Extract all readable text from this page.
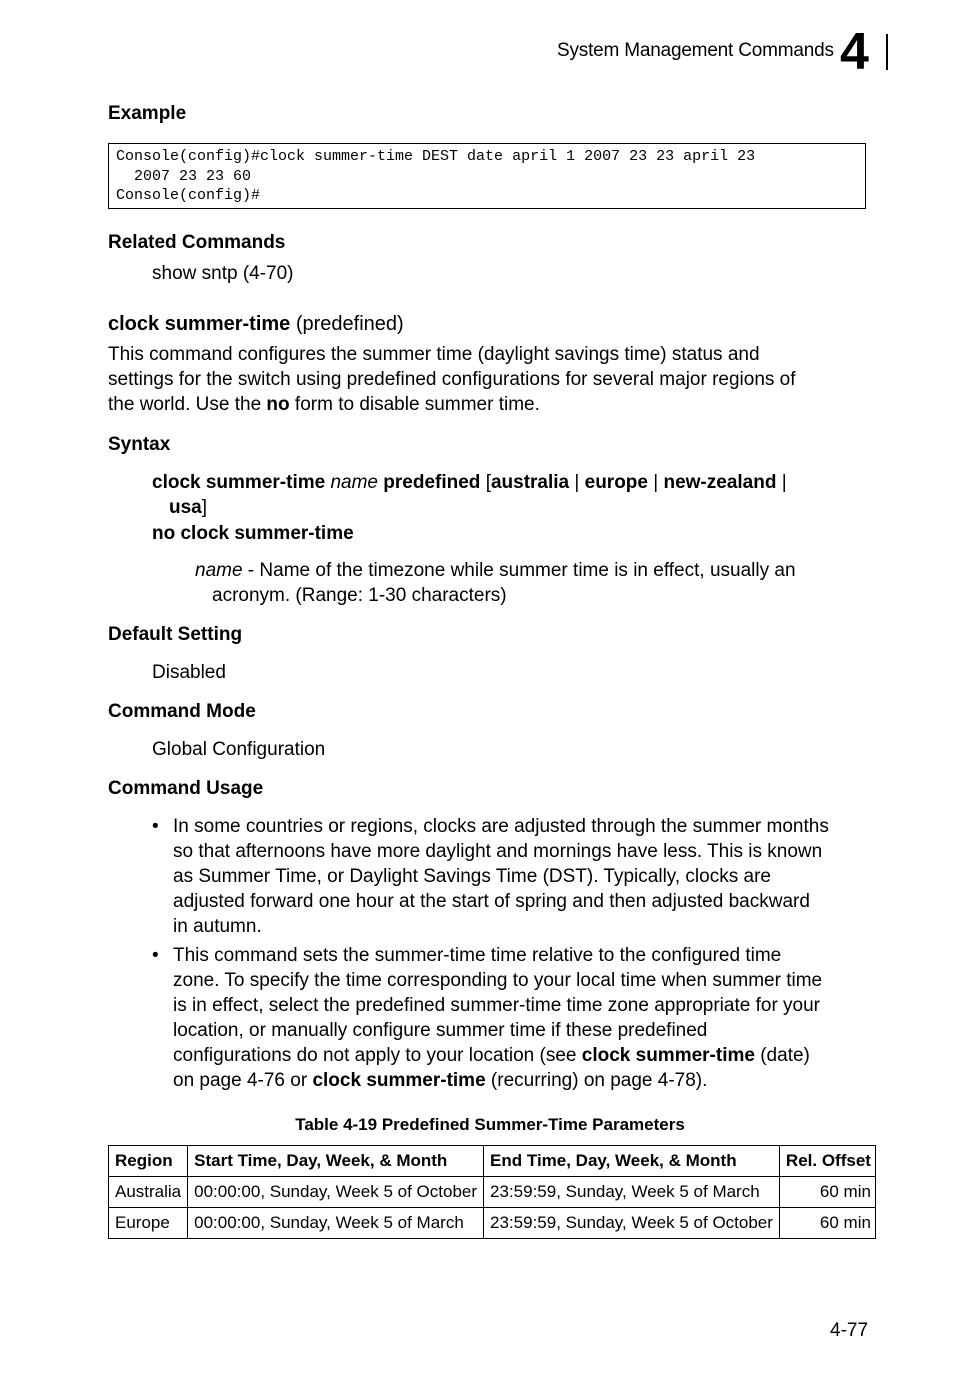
System Management Commands 4
Example
Console(config)#clock summer-time DEST date april 1 2007 23 23 april 23
2007 23 23 60
Console(config)#
Related Commands
show sntp (4-70)
clock summer-time (predefined)
This command configures the summer time (daylight savings time) status and
settings for the switch using predefined configurations for several major regions of
the world. Use the no form to disable summer time.
Syntax
clock summer-time name predefined [australia | europe | new-zealand |
usa]
no clock summer-time
name - Name of the timezone while summer time is in effect, usually an
acronym. (Range: 1-30 characters)
Default Setting
Disabled
Command Mode
Global Configuration
Command Usage
• In some countries or regions, clocks are adjusted through the summer months
so that afternoons have more daylight and mornings have less. This is known
as Summer Time, or Daylight Savings Time (DST). Typically, clocks are
adjusted forward one hour at the start of spring and then adjusted backward
in autumn.
• This command sets the summer-time time relative to the configured time
zone. To specify the time corresponding to your local time when summer time
is in effect, select the predefined summer-time time zone appropriate for your
location, or manually configure summer time if these predefined
configurations do not apply to your location (see clock summer-time (date)
on page 4-76 or clock summer-time (recurring) on page 4-78).
Table 4-19 Predefined Summer-Time Parameters
Region	Start Time, Day, Week, & Month	End Time, Day, Week, & Month	Rel. Offset
Australia	00:00:00, Sunday, Week 5 of October	23:59:59, Sunday, Week 5 of March	60 min
Europe	00:00:00, Sunday, Week 5 of March	23:59:59, Sunday, Week 5 of October	60 min
4-77
